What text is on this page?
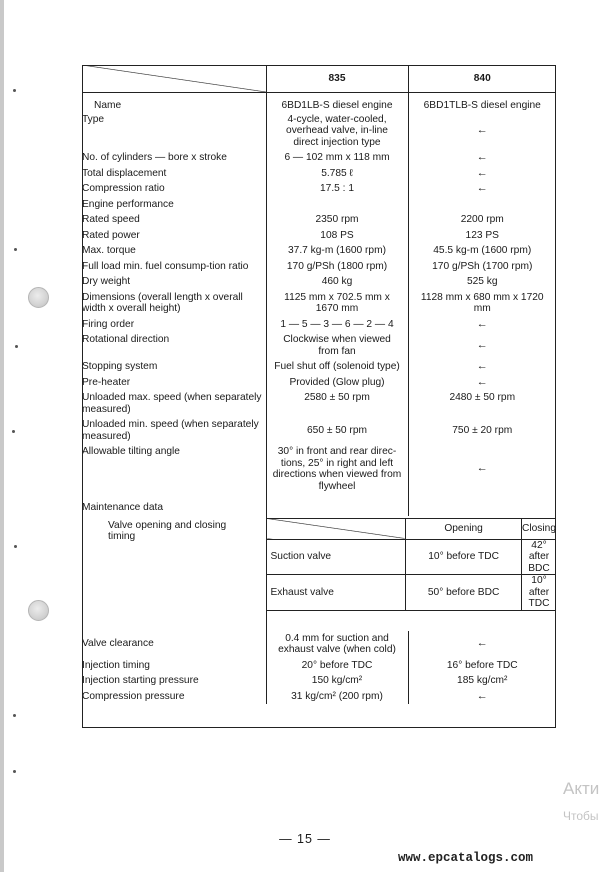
	835	840
Name	6BD1LB-S diesel engine	6BD1TLB-S diesel engine
Type	4-cycle, water-cooled, overhead valve, in-line direct injection type	←
No. of cylinders — bore x stroke	6 — 102 mm x 118 mm	←
Total displacement	5.785 ℓ	←
Compression ratio	17.5 : 1	←
Engine performance		
Rated speed	2350 rpm	2200 rpm
Rated power	108 PS	123 PS
Max. torque	37.7 kg-m (1600 rpm)	45.5 kg-m (1600 rpm)
Full load min. fuel consump-tion ratio	170 g/PSh (1800 rpm)	170 g/PSh (1700 rpm)
Dry weight	460 kg	525 kg
Dimensions (overall length x overall width x overall height)	1125 mm x 702.5 mm x 1670 mm	1128 mm x 680 mm x 1720 mm
Firing order	1 — 5 — 3 — 6 — 2 — 4	←
Rotational direction	Clockwise when viewed from fan	←
Stopping system	Fuel shut off (solenoid type)	←
Pre-heater	Provided (Glow plug)	←
Unloaded max. speed (when separately measured)	2580 ± 50 rpm	2480 ± 50 rpm
Unloaded min. speed (when separately measured)	650 ± 50 rpm	750 ± 20 rpm
Allowable tilting angle	30° in front and rear direc-tions, 25° in right and left directions when viewed from flywheel	←
Maintenance data		
Valve opening and closing timing	
	Opening	Closing
Suction valve	10° before TDC	42° after BDC
Exhaust valve	50° before BDC	10° after TDC

Valve clearance	0.4 mm for suction and exhaust valve (when cold)	←
Injection timing	20° before TDC	16° before TDC
Injection starting pressure	150 kg/cm²	185 kg/cm²
Compression pressure	31 kg/cm² (200 rpm)	←
— 15 —
www.epcatalogs.com
Акти
Чтобы
